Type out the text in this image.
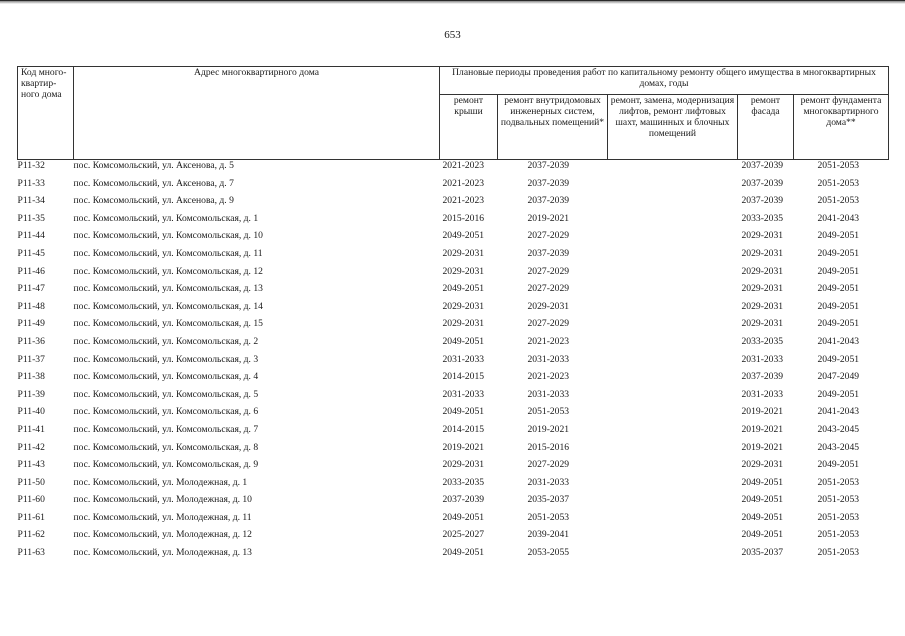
653
Код много-квартир-ного дома	Адрес многоквартирного дома	Плановые периоды проведения работ по капитальному ремонту общего имущества в многоквартирных домах, годы				
		ремонт крыши	ремонт внутридомовых инженерных систем, подвальных помещений*	ремонт, замена, модернизация лифтов, ремонт лифтовых шахт, машинных и блочных помещений	ремонт фасада	ремонт фундамента многоквартирного дома**
P11-32	пос. Комсомольский, ул. Аксенова, д. 5	2021-2023	2037-2039		2037-2039	2051-2053
P11-33	пос. Комсомольский, ул. Аксенова, д. 7	2021-2023	2037-2039		2037-2039	2051-2053
P11-34	пос. Комсомольский, ул. Аксенова, д. 9	2021-2023	2037-2039		2037-2039	2051-2053
P11-35	пос. Комсомольский, ул. Комсомольская, д. 1	2015-2016	2019-2021		2033-2035	2041-2043
P11-44	пос. Комсомольский, ул. Комсомольская, д. 10	2049-2051	2027-2029		2029-2031	2049-2051
P11-45	пос. Комсомольский, ул. Комсомольская, д. 11	2029-2031	2037-2039		2029-2031	2049-2051
P11-46	пос. Комсомольский, ул. Комсомольская, д. 12	2029-2031	2027-2029		2029-2031	2049-2051
P11-47	пос. Комсомольский, ул. Комсомольская, д. 13	2049-2051	2027-2029		2029-2031	2049-2051
P11-48	пос. Комсомольский, ул. Комсомольская, д. 14	2029-2031	2029-2031		2029-2031	2049-2051
P11-49	пос. Комсомольский, ул. Комсомольская, д. 15	2029-2031	2027-2029		2029-2031	2049-2051
P11-36	пос. Комсомольский, ул. Комсомольская, д. 2	2049-2051	2021-2023		2033-2035	2041-2043
P11-37	пос. Комсомольский, ул. Комсомольская, д. 3	2031-2033	2031-2033		2031-2033	2049-2051
P11-38	пос. Комсомольский, ул. Комсомольская, д. 4	2014-2015	2021-2023		2037-2039	2047-2049
P11-39	пос. Комсомольский, ул. Комсомольская, д. 5	2031-2033	2031-2033		2031-2033	2049-2051
P11-40	пос. Комсомольский, ул. Комсомольская, д. 6	2049-2051	2051-2053		2019-2021	2041-2043
P11-41	пос. Комсомольский, ул. Комсомольская, д. 7	2014-2015	2019-2021		2019-2021	2043-2045
P11-42	пос. Комсомольский, ул. Комсомольская, д. 8	2019-2021	2015-2016		2019-2021	2043-2045
P11-43	пос. Комсомольский, ул. Комсомольская, д. 9	2029-2031	2027-2029		2029-2031	2049-2051
P11-50	пос. Комсомольский, ул. Молодежная, д. 1	2033-2035	2031-2033		2049-2051	2051-2053
P11-60	пос. Комсомольский, ул. Молодежная, д. 10	2037-2039	2035-2037		2049-2051	2051-2053
P11-61	пос. Комсомольский, ул. Молодежная, д. 11	2049-2051	2051-2053		2049-2051	2051-2053
P11-62	пос. Комсомольский, ул. Молодежная, д. 12	2025-2027	2039-2041		2049-2051	2051-2053
P11-63	пос. Комсомольский, ул. Молодежная, д. 13	2049-2051	2053-2055		2035-2037	2051-2053
